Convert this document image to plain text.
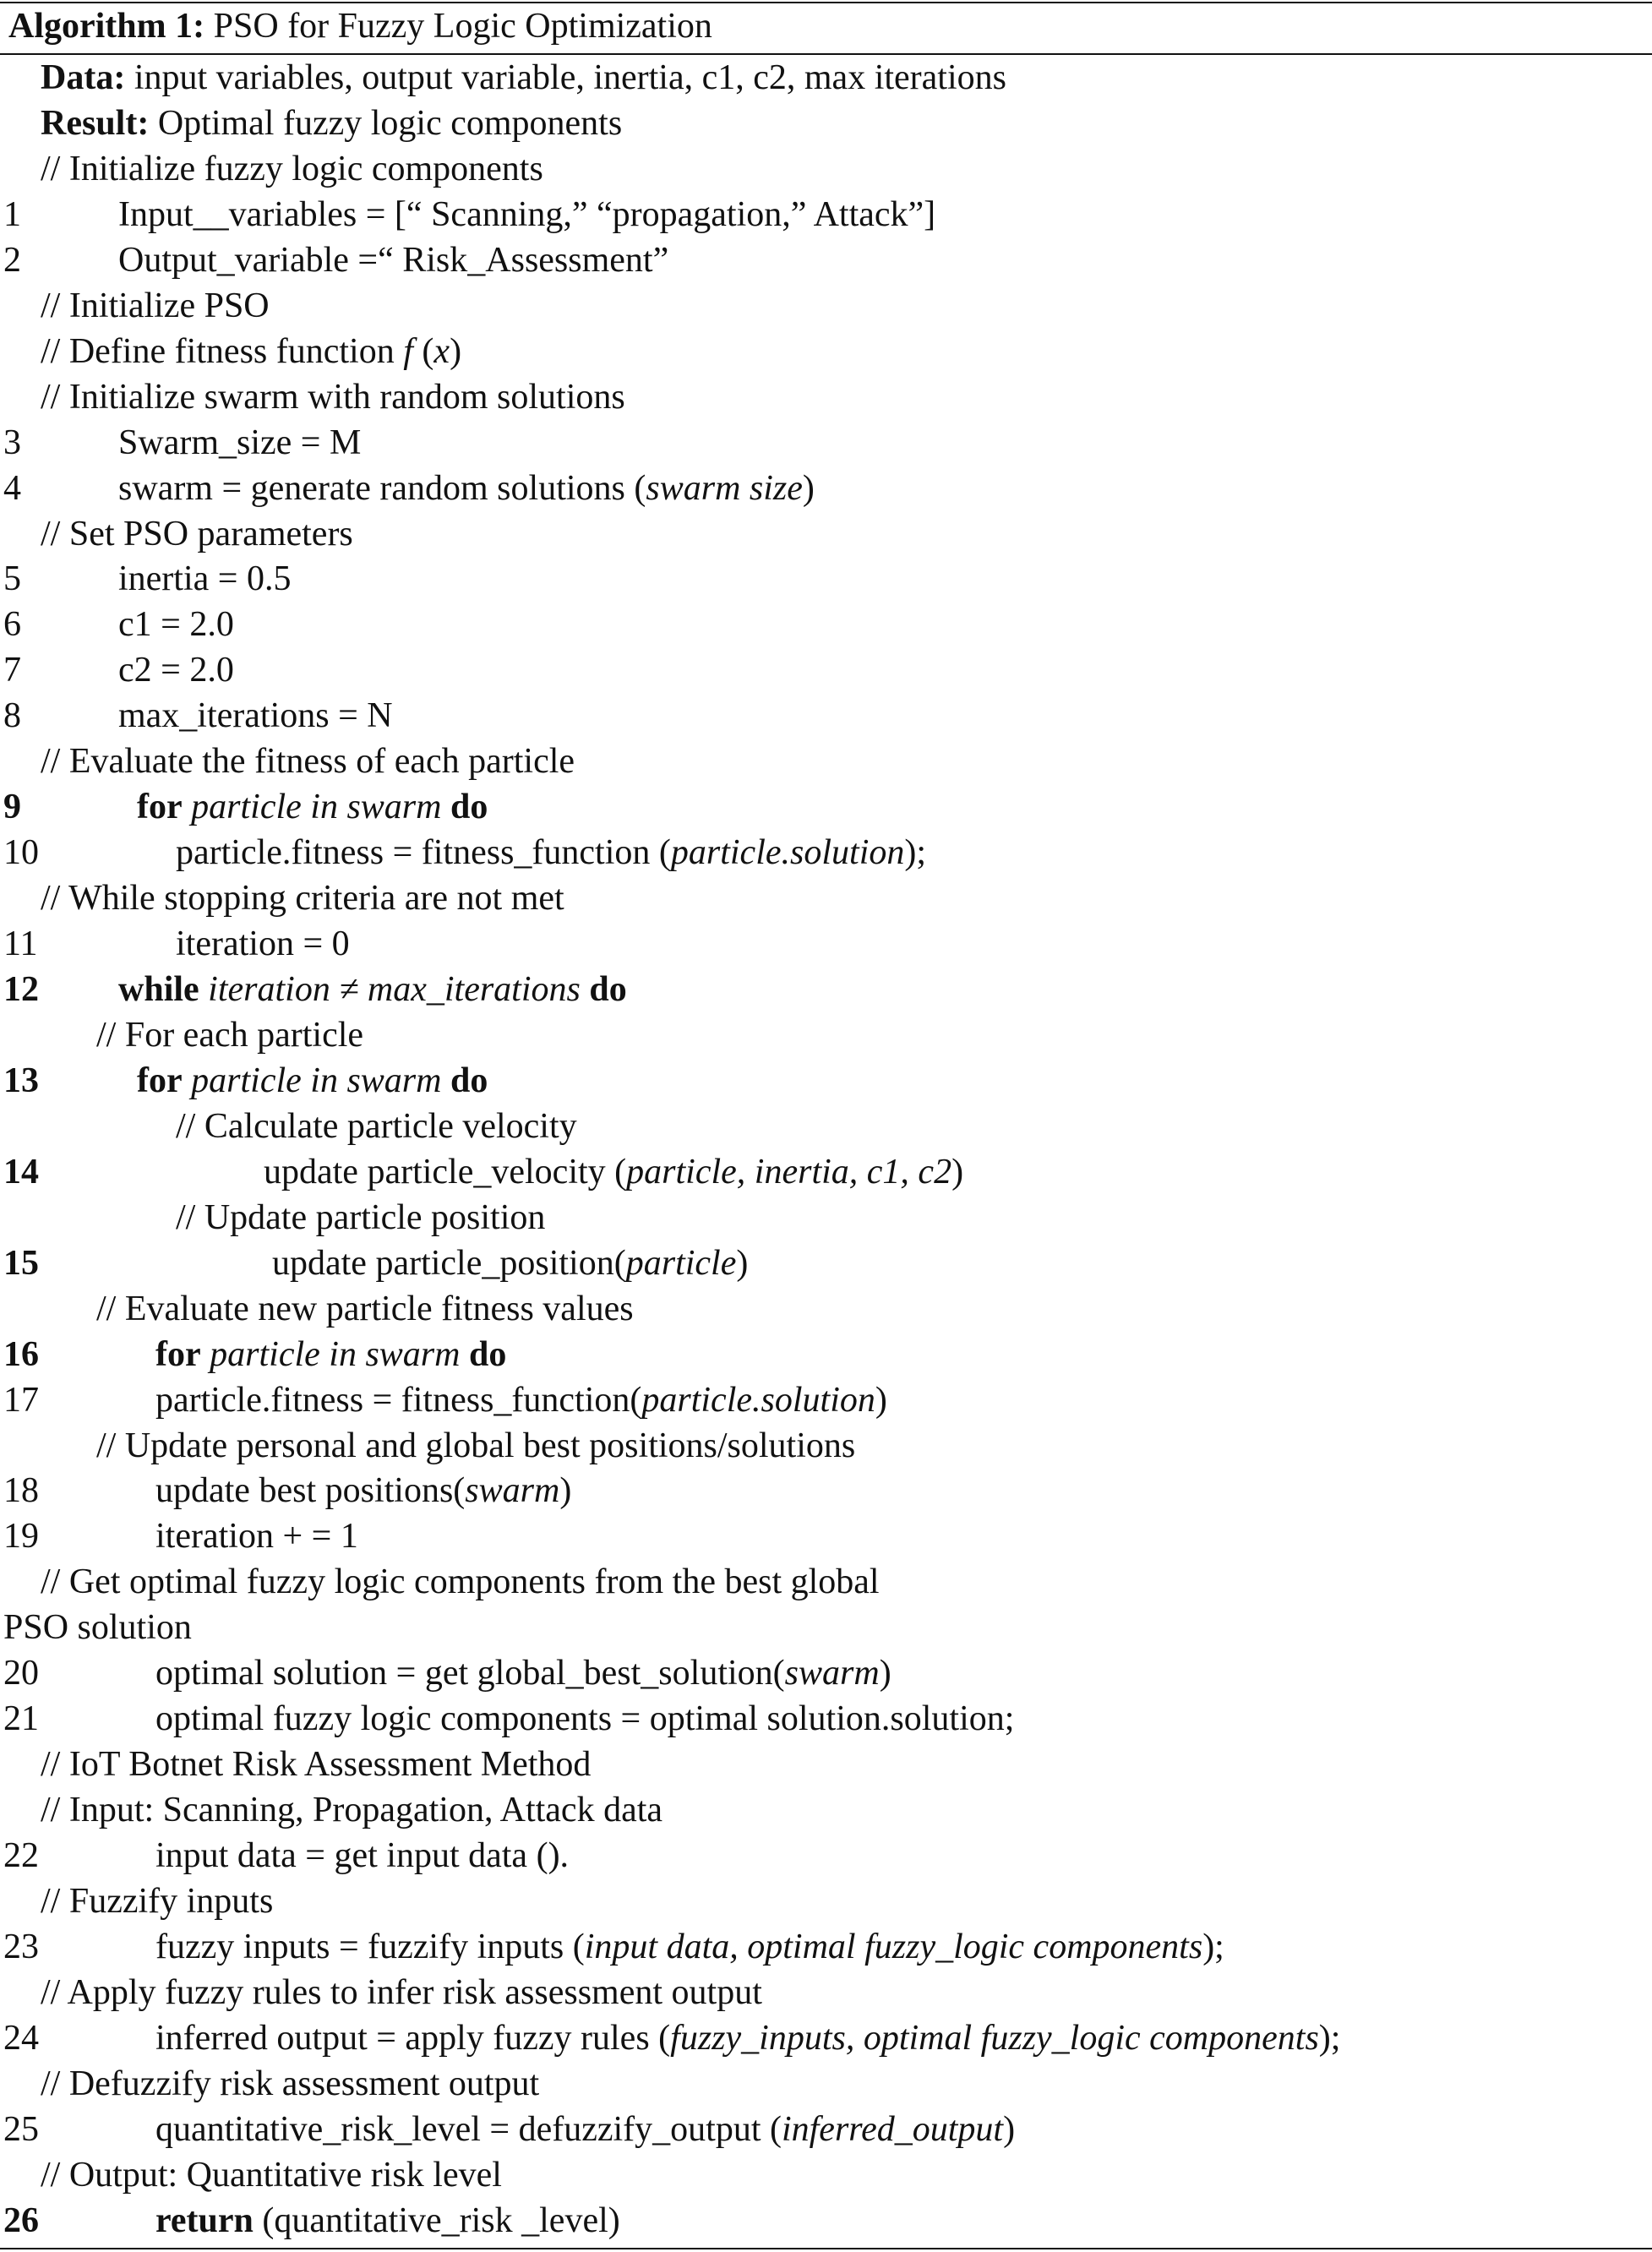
Algorithm 1: PSO for Fuzzy Logic Optimization
Data: input variables, output variable, inertia, c1, c2, max iterations
Result: Optimal fuzzy logic components
// Initialize fuzzy logic components
1	Input__variables = [“ Scanning,” “propagation,” Attack”]
2	Output_variable =“ Risk_Assessment”
// Initialize PSO
// Define fitness function f (x)
// Initialize swarm with random solutions
3	Swarm_size = M
4	swarm = generate random solutions (swarm size)
// Set PSO parameters
5	inertia = 0.5
6	c1 = 2.0
7	c2 = 2.0
8	max_iterations = N
// Evaluate the fitness of each particle
9	for particle in swarm do
10	particle.fitness = fitness_function (particle.solution);
// While stopping criteria are not met
11	iteration = 0
12 while iteration ≠ max_iterations do
// For each particle
13	for particle in swarm do
// Calculate particle velocity
14	update particle_velocity (particle, inertia, c1, c2)
// Update particle position
15	update particle_position(particle)
// Evaluate new particle fitness values
16	for particle in swarm do
17	particle.fitness = fitness_function(particle.solution)
// Update personal and global best positions/solutions
18	update best positions(swarm)
19	iteration + = 1
// Get optimal fuzzy logic components from the best global
PSO solution
20	optimal solution = get global_best_solution(swarm)
21	optimal fuzzy logic components = optimal solution.solution;
// IoT Botnet Risk Assessment Method
// Input: Scanning, Propagation, Attack data
22	input data = get input data ().
// Fuzzify inputs
23	fuzzy inputs = fuzzify inputs (input data, optimal fuzzy_logic components);
// Apply fuzzy rules to infer risk assessment output
24	inferred output = apply fuzzy rules (fuzzy_inputs, optimal fuzzy_logic components);
// Defuzzify risk assessment output
25	quantitative_risk_level = defuzzify_output (inferred_output)
// Output: Quantitative risk level
26	return (quantitative_risk _level)
